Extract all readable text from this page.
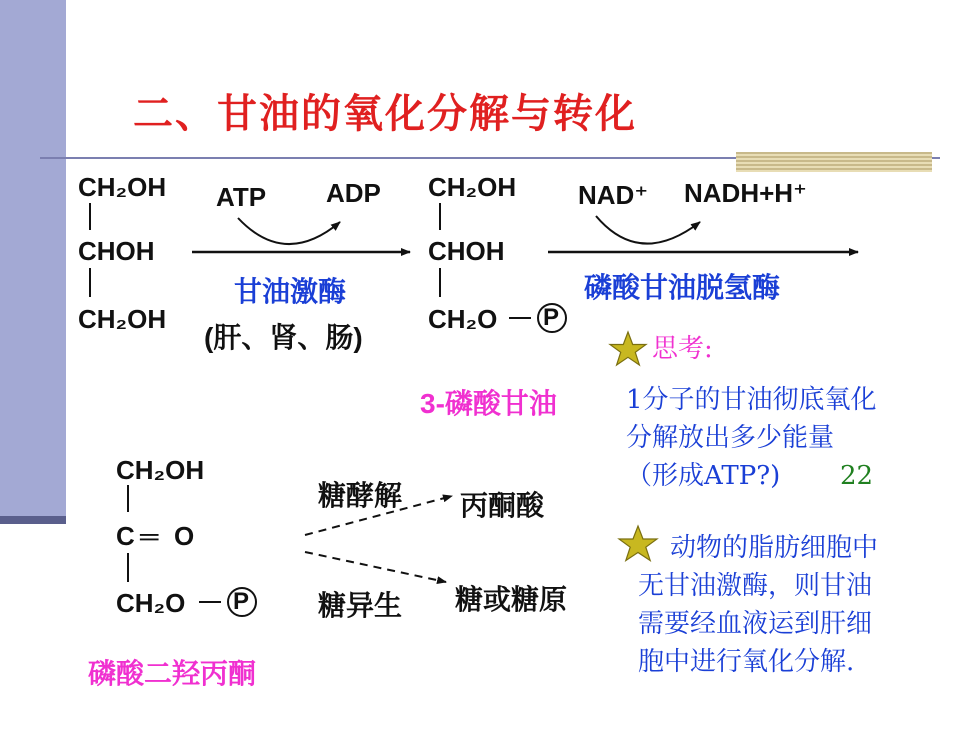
二、甘油的氧化分解与转化
CH₂OH
CHOH
CH₂OH
ATP ADP
甘油激酶
(肝、肾、肠)
CH₂OH
CHOH
CH₂O P
3-磷酸甘油
NAD⁺ NADH+H⁺
磷酸甘油脱氢酶
CH₂OH
C ═ O
CH₂O P
磷酸二羟丙酮
糖酵解 丙酮酸
糖异生 糖或糖原
思考:
1分子的甘油彻底氧化
分解放出多少能量
（形成ATP?) 22
动物的脂肪细胞中
无甘油激酶，则甘油
需要经血液运到肝细
胞中进行氧化分解.
